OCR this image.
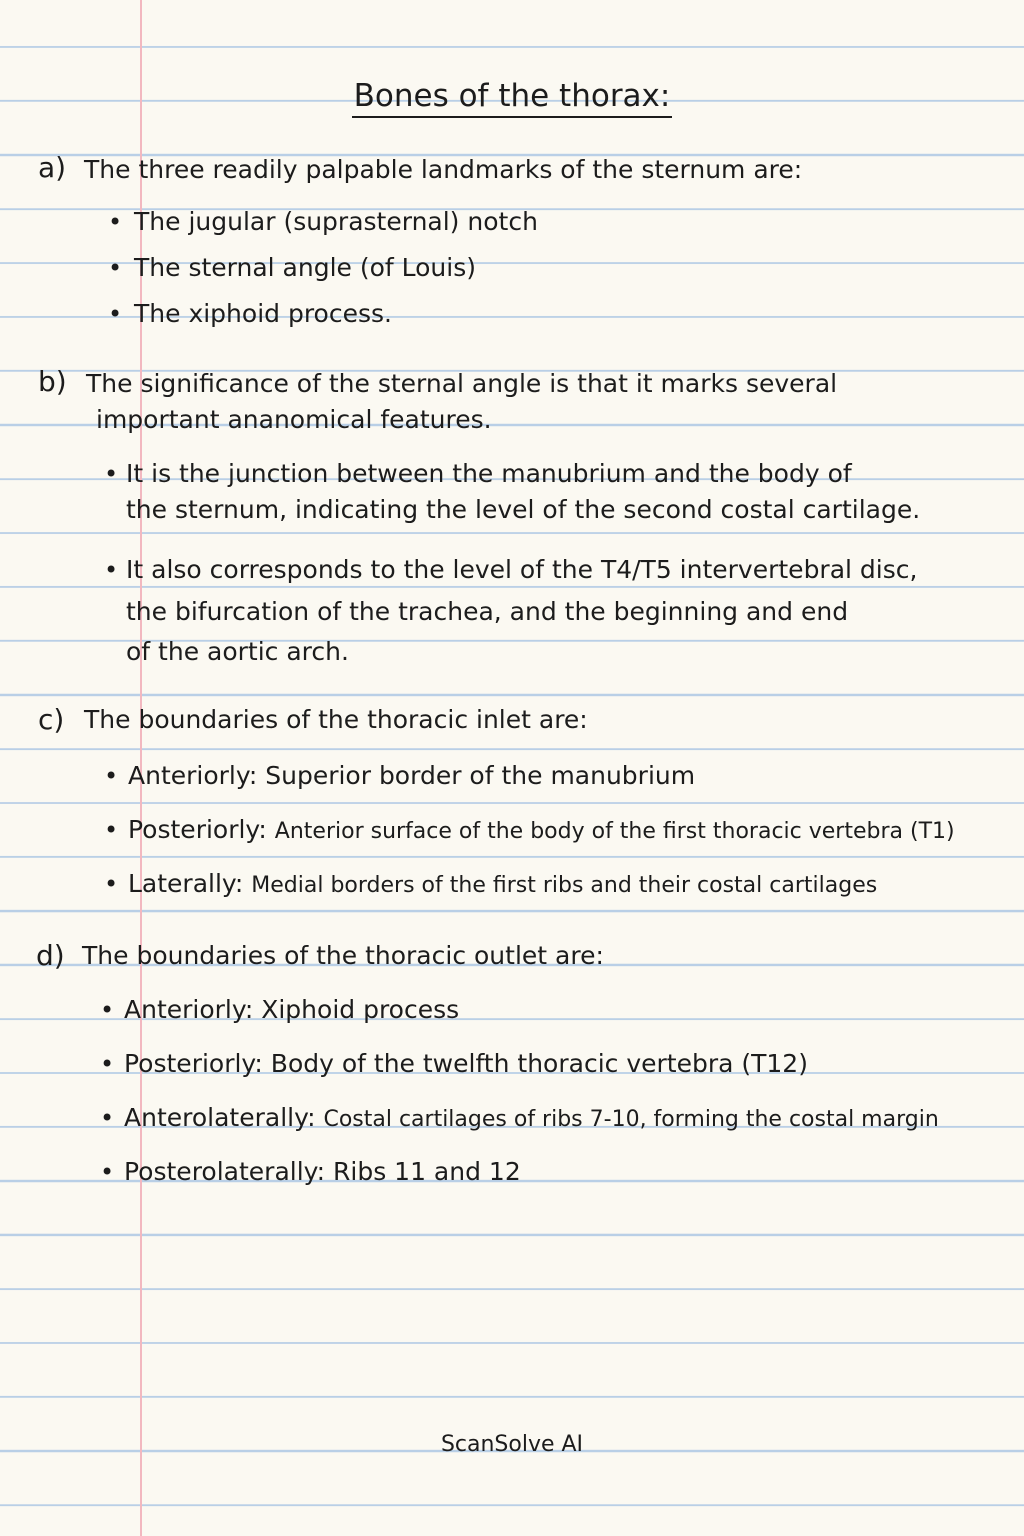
Bones of the thorax:
a) The three readily palpable landmarks of the sternum are:
• The jugular (suprasternal) notch
• The sternal angle (of Louis)
• The xiphoid process.
b) The significance of the sternal angle is that it marks several
important ananomical features.
• It is the junction between the manubrium and the body of
the sternum, indicating the level of the second costal cartilage.
• It also corresponds to the level of the T4/T5 intervertebral disc,
the bifurcation of the trachea, and the beginning and end
of the aortic arch.
c) The boundaries of the thoracic inlet are:
• Anteriorly: Superior border of the manubrium
• Posteriorly: Anterior surface of the body of the first thoracic vertebra (T1)
• Laterally: Medial borders of the first ribs and their costal cartilages
d) The boundaries of the thoracic outlet are:
• Anteriorly: Xiphoid process
• Posteriorly: Body of the twelfth thoracic vertebra (T12)
• Anterolaterally: Costal cartilages of ribs 7-10, forming the costal margin
• Posterolaterally: Ribs 11 and 12
ScanSolve AI
